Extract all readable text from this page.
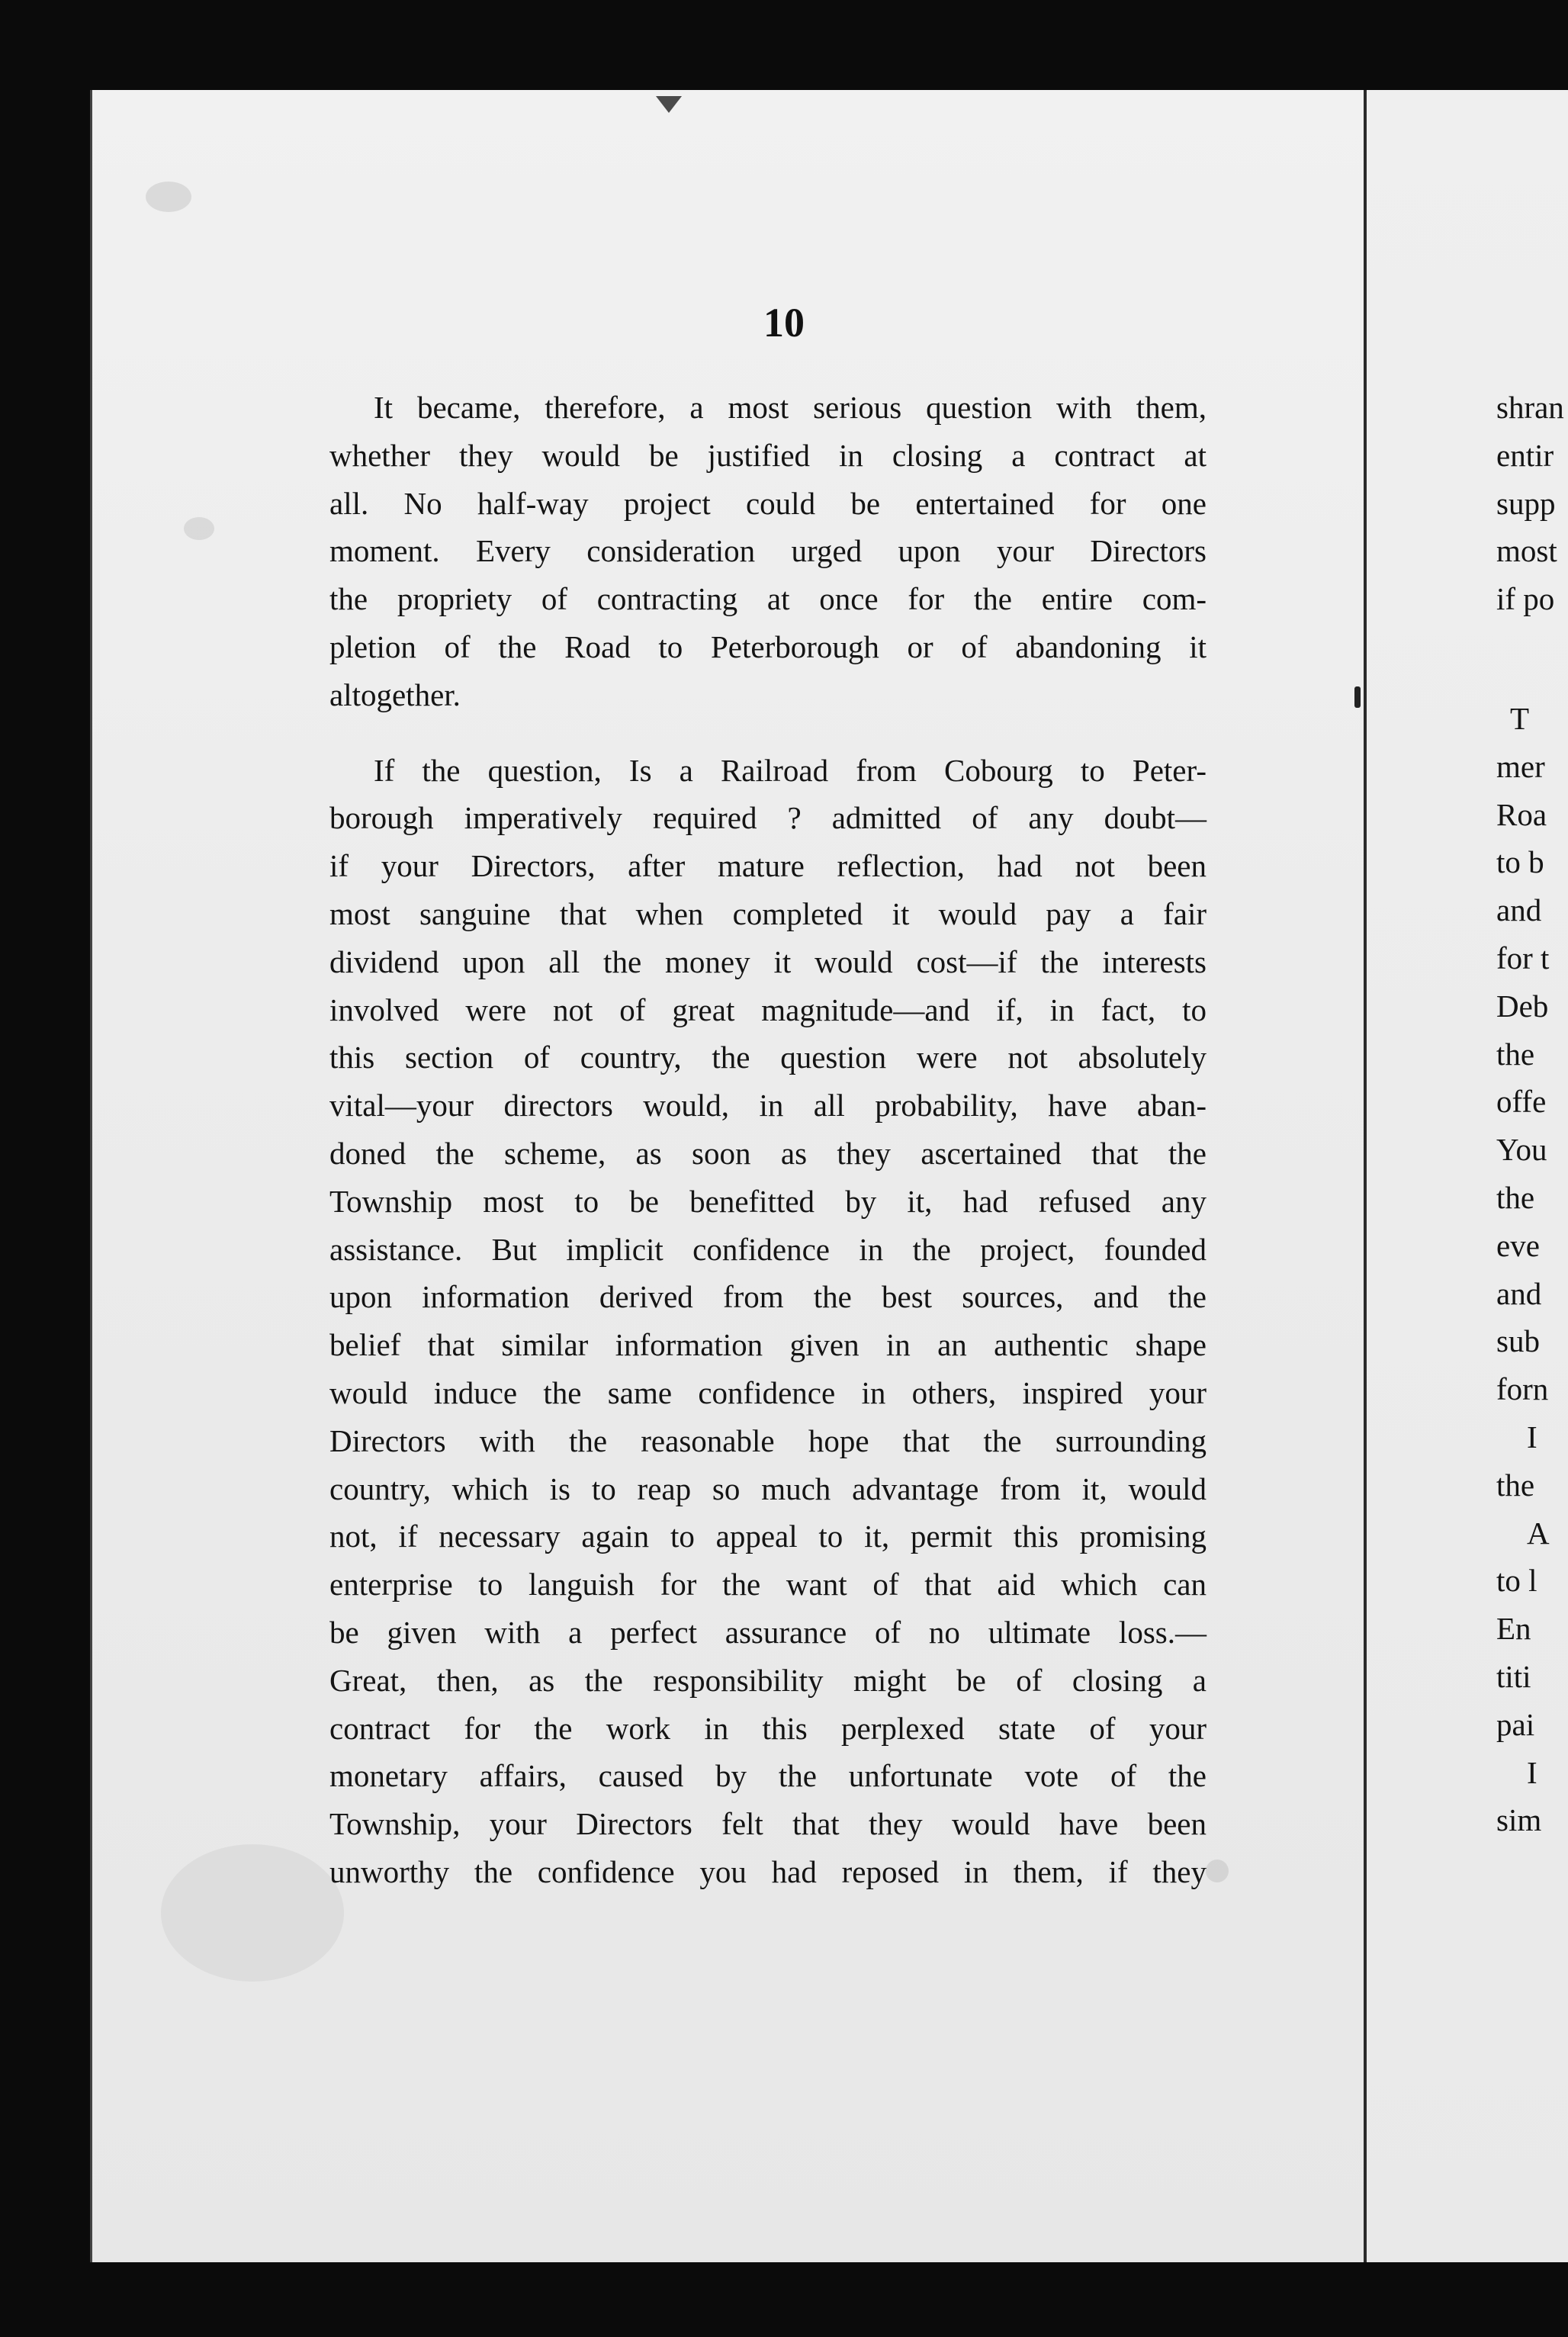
10
It became, therefore, a most serious question with them,
whether they would be justified in closing a contract at
all. No half-way project could be entertained for one
moment. Every consideration urged upon your Directors
the propriety of contracting at once for the entire com-
pletion of the Road to Peterborough or of abandoning it
altogether.
If the question, Is a Railroad from Cobourg to Peter-
borough imperatively required ? admitted of any doubt—
if your Directors, after mature reflection, had not been
most sanguine that when completed it would pay a fair
dividend upon all the money it would cost—if the interests
involved were not of great magnitude—and if, in fact, to
this section of country, the question were not absolutely
vital—your directors would, in all probability, have aban-
doned the scheme, as soon as they ascertained that the
Township most to be benefitted by it, had refused any
assistance. But implicit confidence in the project, founded
upon information derived from the best sources, and the
belief that similar information given in an authentic shape
would induce the same confidence in others, inspired your
Directors with the reasonable hope that the surrounding
country, which is to reap so much advantage from it, would
not, if necessary again to appeal to it, permit this promising
enterprise to languish for the want of that aid which can
be given with a perfect assurance of no ultimate loss.—
Great, then, as the responsibility might be of closing a
contract for the work in this perplexed state of your
monetary affairs, caused by the unfortunate vote of the
Township, your Directors felt that they would have been
unworthy the confidence you had reposed in them, if they
shran
entir
supp
most
if po
T
mer
Roa
to b
and
for t
Deb
the
offe
You
the
eve
and
sub
forn
I
the
A
to l
En
titi
pai
I
sim
